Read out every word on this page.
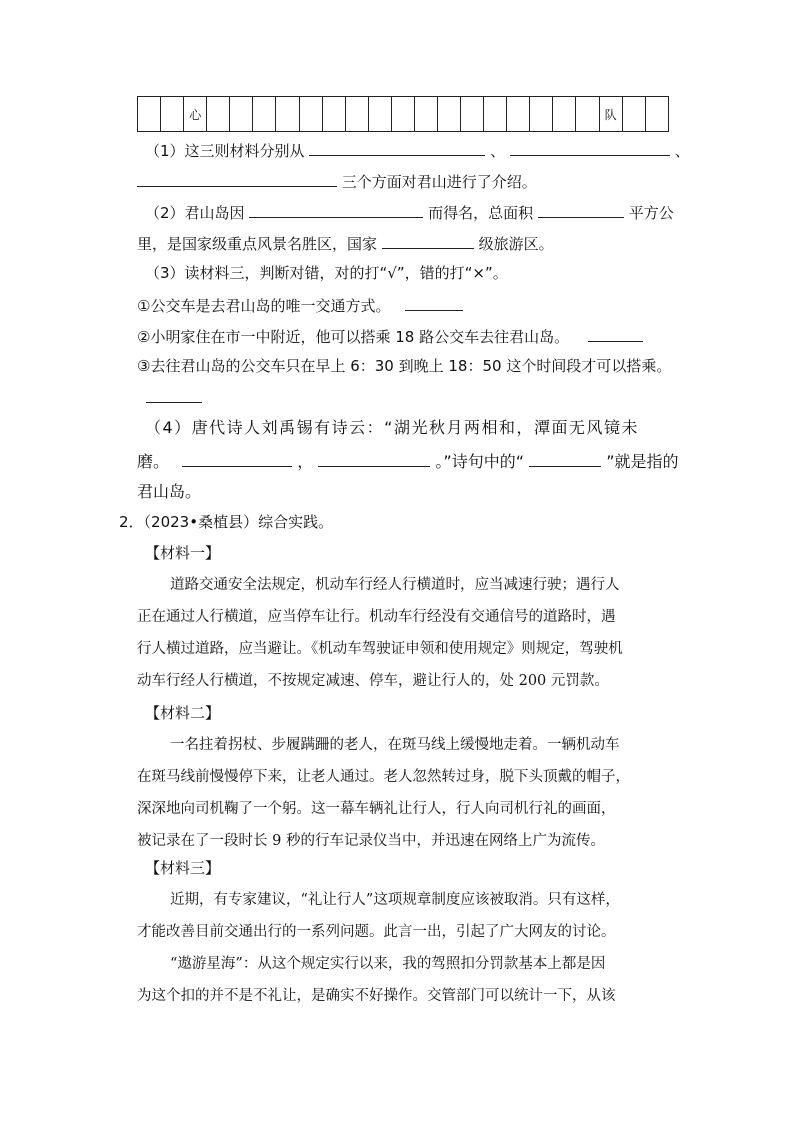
		心																		队		
（1）这三则材料分别从	、	、
三个方面对君山进行了介绍。
（2）君山岛因	而得名，总面积	平方公
里，是国家级重点风景名胜区，国家	级旅游区。
（3）读材料三，判断对错，对的打“√”，错的打“×”。
①公交车是去君山岛的唯一交通方式。
②小明家住在市一中附近，他可以搭乘 18 路公交车去往君山岛。
③去往君山岛的公交车只在早上 6：30 到晚上 18：50 这个时间段才可以搭乘。
（4）唐代诗人刘禹锡有诗云：“湖光秋月两相和，潭面无风镜未
磨。	，	。”诗句中的“	”就是指的
君山岛。
2．（2023•桑植县）综合实践。
【材料一】
道路交通安全法规定，机动车行经人行横道时，应当减速行驶；遇行人
正在通过人行横道，应当停车让行。机动车行经没有交通信号的道路时，遇
行人横过道路，应当避让。《机动车驾驶证申领和使用规定》则规定，驾驶机
动车行经人行横道，不按规定减速、停车，避让行人的，处 200 元罚款。
【材料二】
一名拄着拐杖、步履蹒跚的老人，在斑马线上缓慢地走着。一辆机动车
在斑马线前慢慢停下来，让老人通过。老人忽然转过身，脱下头顶戴的帽子，
深深地向司机鞠了一个躬。这一幕车辆礼让行人，行人向司机行礼的画面，
被记录在了一段时长 9 秒的行车记录仪当中，并迅速在网络上广为流传。
【材料三】
近期，有专家建议，“礼让行人”这项规章制度应该被取消。只有这样，
才能改善目前交通出行的一系列问题。此言一出，引起了广大网友的讨论。
“遨游星海”：从这个规定实行以来，我的驾照扣分罚款基本上都是因
为这个扣的并不是不礼让，是确实不好操作。交管部门可以统计一下，从该
